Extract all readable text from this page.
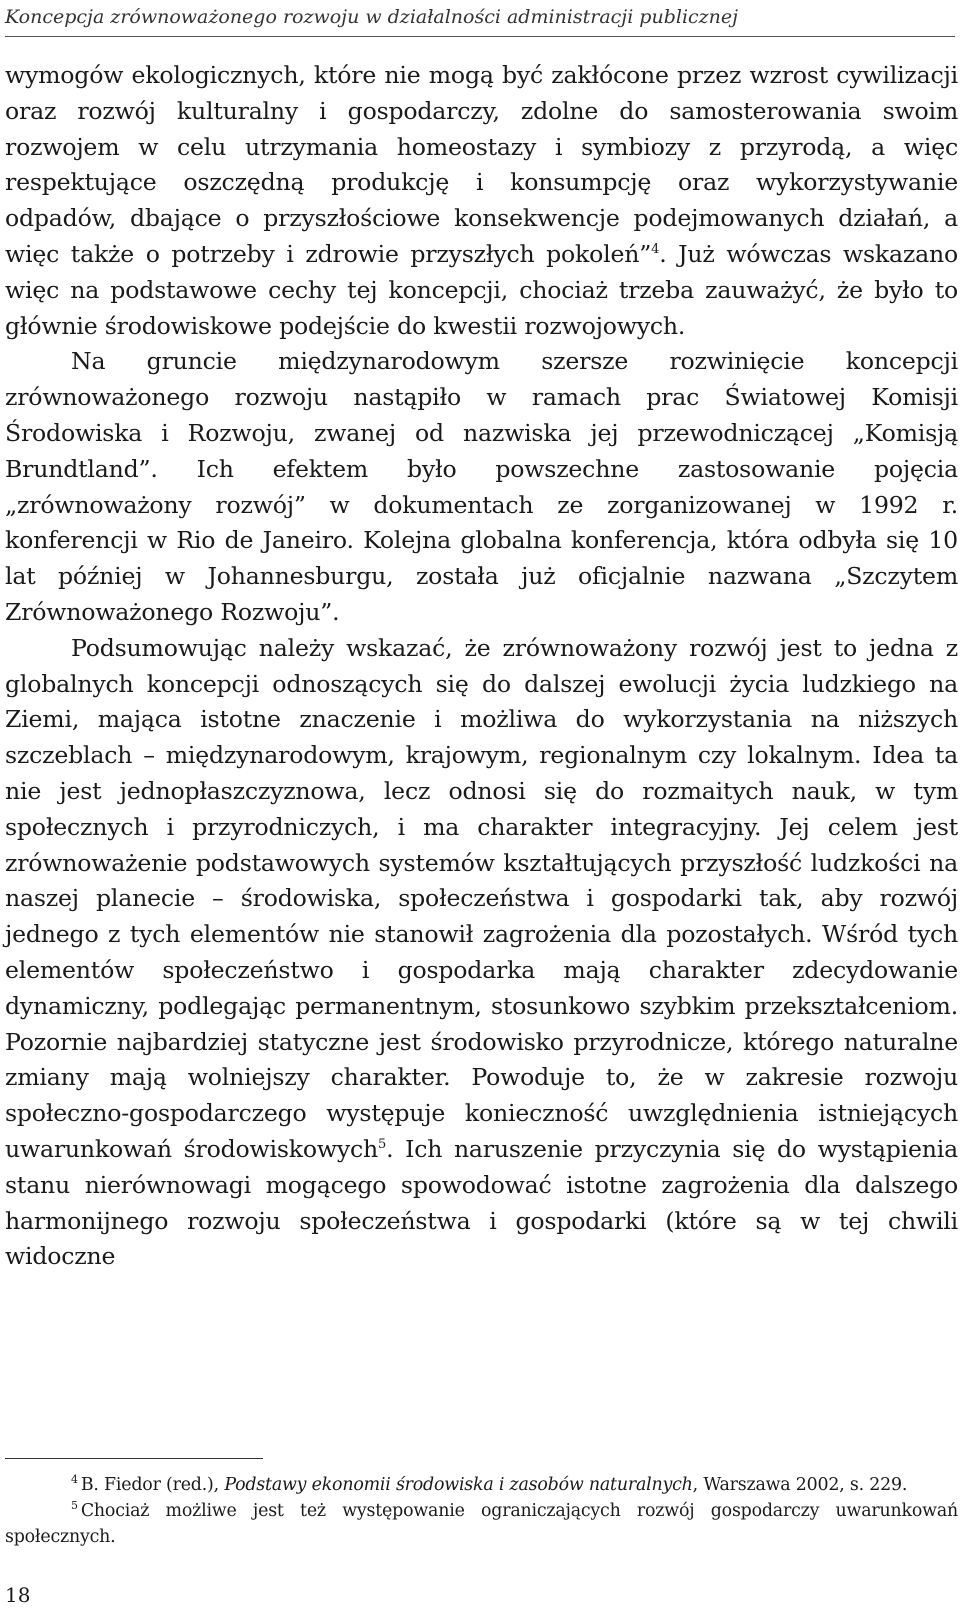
Koncepcja zrównoważonego rozwoju w działalności administracji publicznej

wymogów ekologicznych, które nie mogą być zakłócone przez wzrost cywilizacji oraz rozwój kulturalny i gospodarczy, zdolne do samosterowania swoim rozwojem w celu utrzymania homeostazy i symbiozy z przyrodą, a więc respektujące oszczędną produkcję i konsumpcję oraz wykorzystywanie odpadów, dbające o przyszłościowe konsekwencje podejmowanych działań, a więc także o potrzeby i zdrowie przyszłych pokoleń”$^4$. Już wówczas wskazano więc na podstawowe cechy tej koncepcji, chociaż trzeba zauważyć, że było to głównie środowiskowe podejście do kwestii rozwojowych.

Na gruncie międzynarodowym szersze rozwinięcie koncepcji zrównoważonego rozwoju nastąpiło w ramach prac Światowej Komisji Środowiska i Rozwoju, zwanej od nazwiska jej przewodniczącej „Komisją Brundtland”. Ich efektem było powszechne zastosowanie pojęcia „zrównoważony rozwój” w dokumentach ze zorganizowanej w 1992 r. konferencji w Rio de Janeiro. Kolejna globalna konferencja, która odbyła się 10 lat później w Johannesburgu, została już oficjalnie nazwana „Szczytem Zrównoważonego Rozwoju”.

Podsumowując należy wskazać, że zrównoważony rozwój jest to jedna z globalnych koncepcji odnoszących się do dalszej ewolucji życia ludzkiego na Ziemi, mająca istotne znaczenie i możliwa do wykorzystania na niższych szczeblach – międzynarodowym, krajowym, regionalnym czy lokalnym. Idea ta nie jest jednopłaszczyznowa, lecz odnosi się do rozmaitych nauk, w tym społecznych i przyrodniczych, i ma charakter integracyjny. Jej celem jest zrównoważenie podstawowych systemów kształtujących przyszłość ludzkości na naszej planecie – środowiska, społeczeństwa i gospodarki tak, aby rozwój jednego z tych elementów nie stanowił zagrożenia dla pozostałych. Wśród tych elementów społeczeństwo i gospodarka mają charakter zdecydowanie dynamiczny, podlegając permanentnym, stosunkowo szybkim przekształceniom. Pozornie najbardziej statyczne jest środowisko przyrodnicze, którego naturalne zmiany mają wolniejszy charakter. Powoduje to, że w zakresie rozwoju społeczno-gospodarczego występuje konieczność uwzględnienia istniejących uwarunkowań środowiskowych$^5$. Ich naruszenie przyczynia się do wystąpienia stanu nierównowagi mogącego spowodować istotne zagrożenia dla dalszego harmonijnego rozwoju społeczeństwa i gospodarki (które są w tej chwili widoczne

$^4$ B. Fiedor (red.), Podstawy ekonomii środowiska i zasobów naturalnych, Warszawa 2002, s. 229.

$^5$ Chociaż możliwe jest też występowanie ograniczających rozwój gospodarczy uwarunkowań społecznych.

18
